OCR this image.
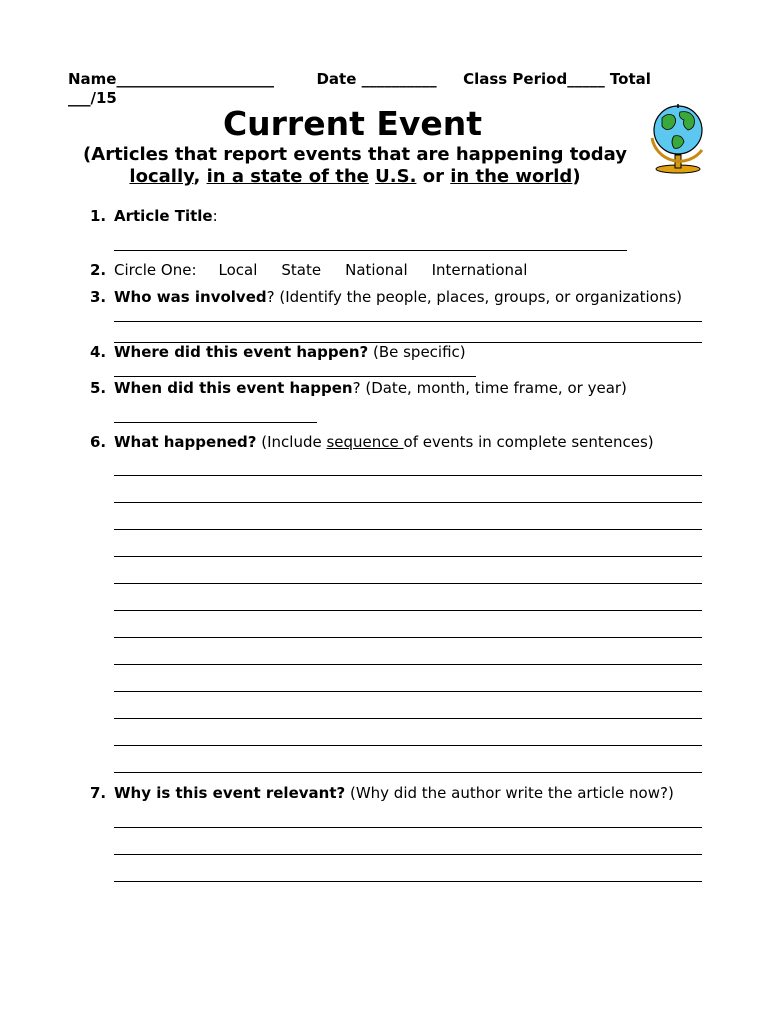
Name_____________________	Date __________ Class Period_____ Total
___/15
Current Event
(Articles that report events that are happening today
locally, in a state of the U.S. or in the world)
1. Article Title:
2. Circle One: Local State National International
3. Who was involved? (Identify the people, places, groups, or organizations)
4. Where did this event happen? (Be specific)
5. When did this event happen? (Date, month, time frame, or year)
6. What happened? (Include sequence of events in complete sentences)
7. Why is this event relevant? (Why did the author write the article now?)
